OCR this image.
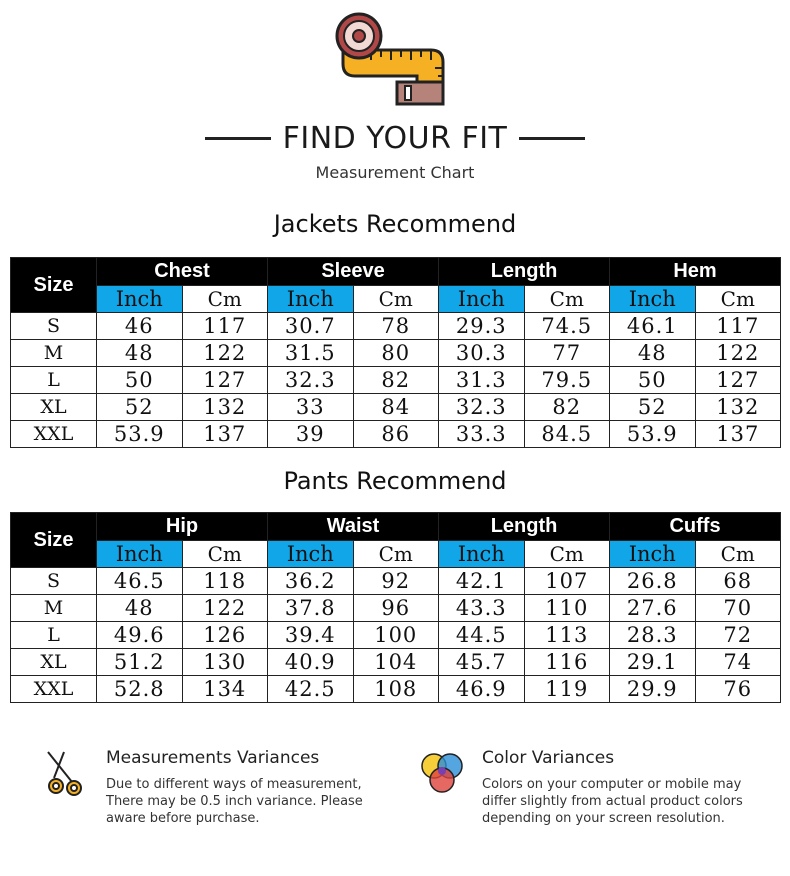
FIND YOUR FIT
Measurement Chart
Jackets Recommend
Size	Chest		Sleeve		Length		Hem	
	Inch	Cm	Inch	Cm	Inch	Cm	Inch	Cm
S	46	117	30.7	78	29.3	74.5	46.1	117
M	48	122	31.5	80	30.3	77	48	122
L	50	127	32.3	82	31.3	79.5	50	127
XL	52	132	33	84	32.3	82	52	132
XXL	53.9	137	39	86	33.3	84.5	53.9	137
Pants Recommend
Size	Hip		Waist		Length		Cuffs	
	Inch	Cm	Inch	Cm	Inch	Cm	Inch	Cm
S	46.5	118	36.2	92	42.1	107	26.8	68
M	48	122	37.8	96	43.3	110	27.6	70
L	49.6	126	39.4	100	44.5	113	28.3	72
XL	51.2	130	40.9	104	45.7	116	29.1	74
XXL	52.8	134	42.5	108	46.9	119	29.9	76
Measurements Variances
Due to different ways of measurement, There may be 0.5 inch variance. Please aware before purchase.
Color Variances
Colors on your computer or mobile may differ slightly from actual product colors depending on your screen resolution.
